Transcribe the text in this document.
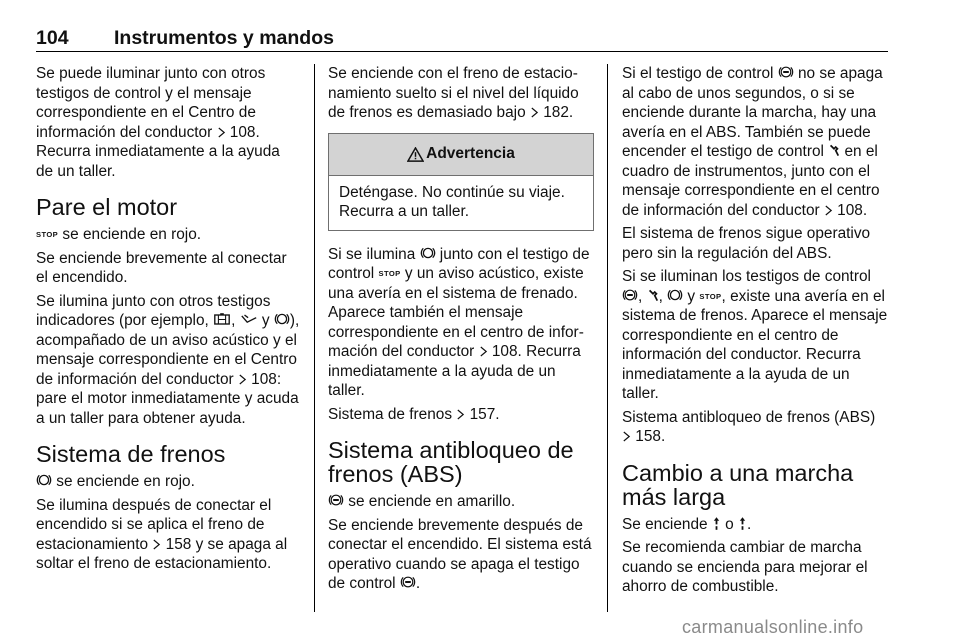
104 Instrumentos y mandos

Se puede iluminar junto con otros testigos de control y el mensaje correspondiente en el Centro de información del conductor  108. Recurra inmediatamente a la ayuda de un taller.

Pare el motor

STOP se enciende en rojo.

Se enciende brevemente al conectar el encendido.

Se ilumina junto con otros testigos indicadores (por ejemplo, ,  y ), acompañado de un aviso acústico y el mensaje correspondiente en el Centro de información del conductor  108: pare el motor inmediatamente y acuda a un taller para obtener ayuda.

Sistema de frenos

se enciende en rojo.

Se ilumina después de conectar el encendido si se aplica el freno de estacionamiento  158 y se apaga al soltar el freno de estacionamiento.

Se enciende con el freno de estacionamiento suelto si el nivel del líquido de frenos es demasiado bajo  182.

Advertencia
Deténgase. No continúe su viaje. Recurra a un taller.

Si se ilumina  junto con el testigo de control STOP y un aviso acústico, existe una avería en el sistema de frenado. Aparece también el mensaje correspondiente en el centro de información del conductor  108. Recurra inmediatamente a la ayuda de un taller.

Sistema de frenos  157.

Sistema antibloqueo de frenos (ABS)

se enciende en amarillo.

Se enciende brevemente después de conectar el encendido. El sistema está operativo cuando se apaga el testigo de control .

Si el testigo de control  no se apaga al cabo de unos segundos, o si se enciende durante la marcha, hay una avería en el ABS. También se puede encender el testigo de control  en el cuadro de instrumentos, junto con el mensaje correspondiente en el centro de información del conductor  108.

El sistema de frenos sigue operativo pero sin la regulación del ABS.

Si se iluminan los testigos de control , ,  y STOP, existe una avería en el sistema de frenos. Aparece el mensaje correspondiente en el centro de información del conductor. Recurra inmediatamente a la ayuda de un taller.

Sistema antibloqueo de frenos (ABS)  158.

Cambio a una marcha más larga

Se enciende  o .

Se recomienda cambiar de marcha cuando se encienda para mejorar el ahorro de combustible.

carmanualsonline.info
